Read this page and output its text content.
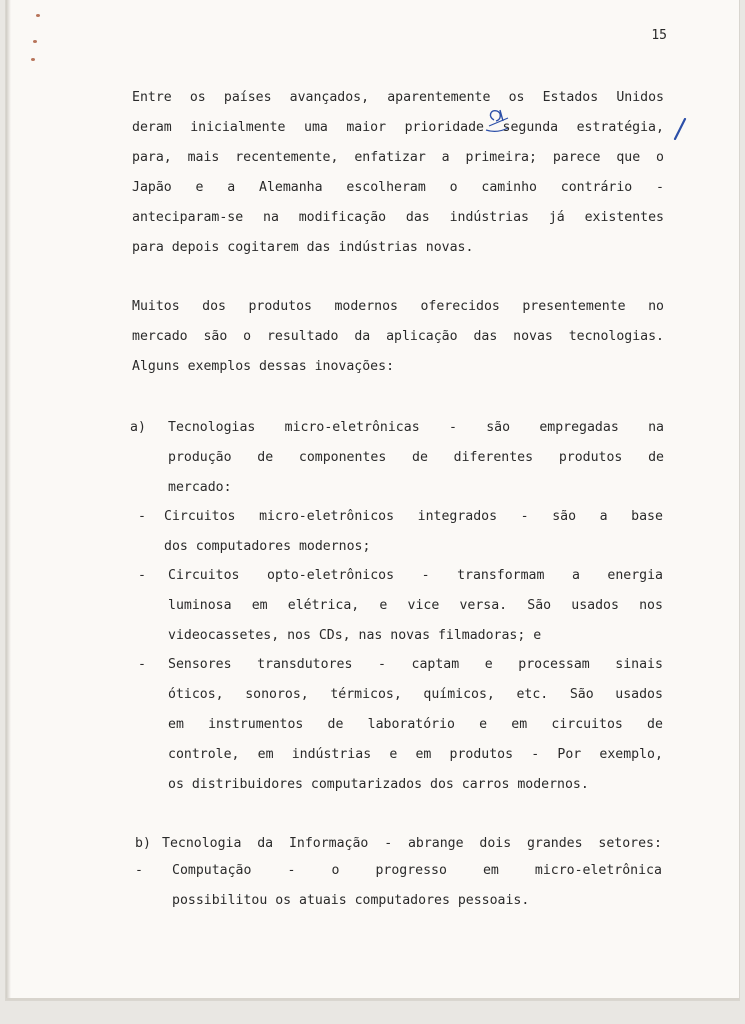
15
Entre os países avançados, aparentemente os Estados Unidos
deram inicialmente uma maior prioridade segunda estratégia,
para, mais recentemente, enfatizar a primeira; parece que o
Japão e a Alemanha escolheram o caminho contrário -
anteciparam-se na modificação das indústrias já existentes
para depois cogitarem das indústrias novas.
Muitos dos produtos modernos oferecidos presentemente no
mercado são o resultado da aplicação das novas tecnologias.
Alguns exemplos dessas inovações:
a) Tecnologias micro-eletrônicas - são empregadas na
produção de componentes de diferentes produtos de
mercado:
- Circuitos micro-eletrônicos integrados - são a base
dos computadores modernos;
- Circuitos opto-eletrônicos - transformam a energia
luminosa em elétrica, e vice versa. São usados nos
videocassetes, nos CDs, nas novas filmadoras; e
- Sensores transdutores - captam e processam sinais
óticos, sonoros, térmicos, químicos, etc. São usados
em instrumentos de laboratório e em circuitos de
controle, em indústrias e em produtos - Por exemplo,
os distribuidores computarizados dos carros modernos.
b) Tecnologia da Informação - abrange dois grandes setores:
- Computação	-	o	progresso	em	micro-eletrônica
possibilitou os atuais computadores pessoais.
